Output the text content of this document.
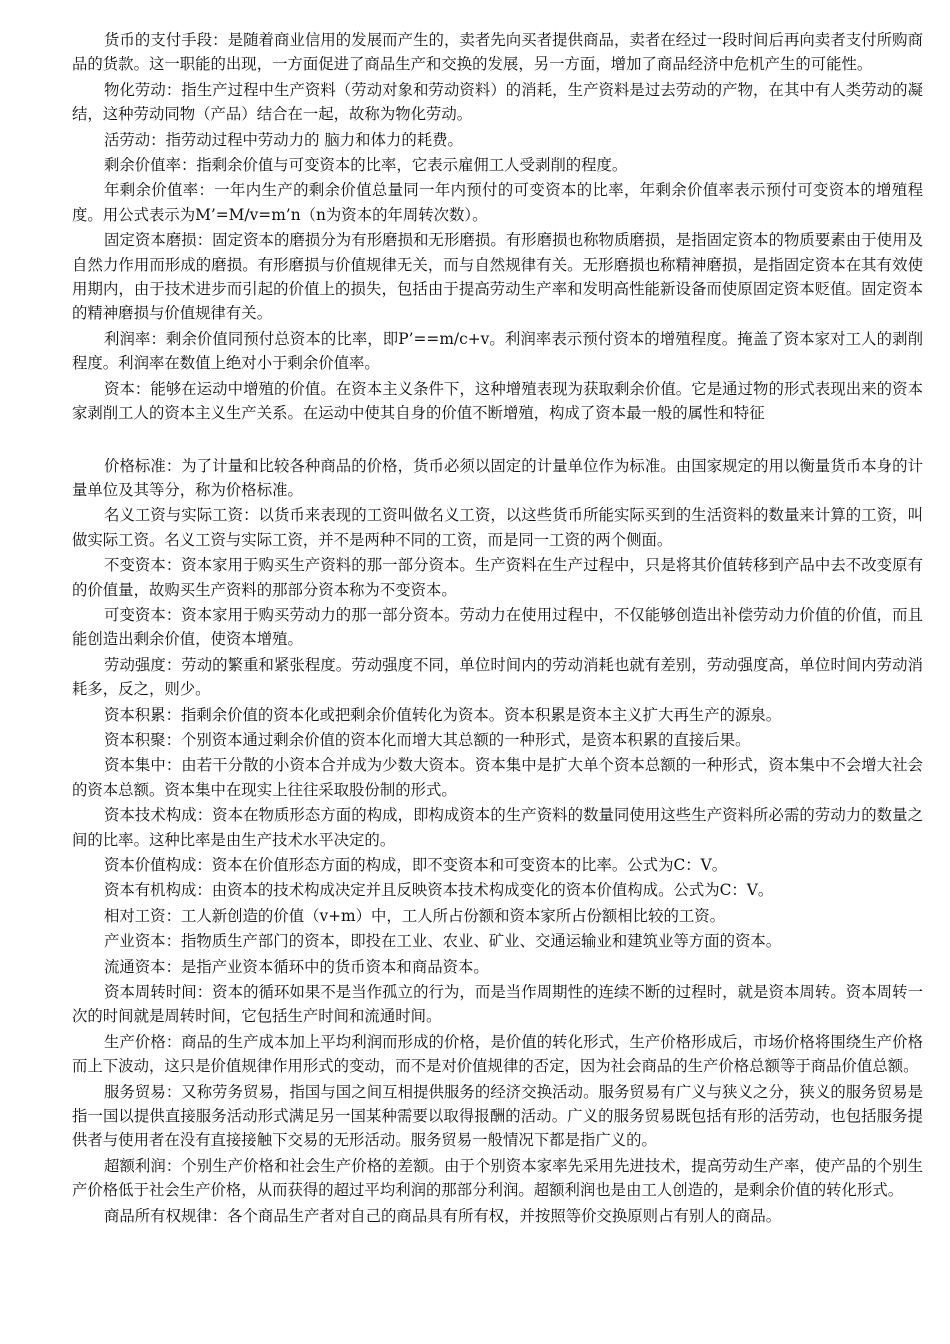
货币的支付手段：是随着商业信用的发展而产生的，卖者先向买者提供商品，卖者在经过一段时间后再向卖者支付所购商品的货款。这一职能的出现，一方面促进了商品生产和交换的发展，另一方面，增加了商品经济中危机产生的可能性。

物化劳动：指生产过程中生产资料（劳动对象和劳动资料）的消耗，生产资料是过去劳动的产物，在其中有人类劳动的凝结，这种劳动同物（产品）结合在一起，故称为物化劳动。

活劳动：指劳动过程中劳动力的 脑力和体力的耗费。

剩余价值率：指剩余价值与可变资本的比率，它表示雇佣工人受剥削的程度。

年剩余价值率：一年内生产的剩余价值总量同一年内预付的可变资本的比率，年剩余价值率表示预付可变资本的增殖程度。用公式表示为M’=M/v=m’n（n为资本的年周转次数）。

固定资本磨损：固定资本的磨损分为有形磨损和无形磨损。有形磨损也称物质磨损，是指固定资本的物质要素由于使用及自然力作用而形成的磨损。有形磨损与价值规律无关，而与自然规律有关。无形磨损也称精神磨损，是指固定资本在其有效使用期内，由于技术进步而引起的价值上的损失，包括由于提高劳动生产率和发明高性能新设备而使原固定资本贬值。固定资本的精神磨损与价值规律有关。

利润率：剩余价值同预付总资本的比率，即P’==m/c+v。利润率表示预付资本的增殖程度。掩盖了资本家对工人的剥削程度。利润率在数值上绝对小于剩余价值率。

资本：能够在运动中增殖的价值。在资本主义条件下，这种增殖表现为获取剩余价值。它是通过物的形式表现出来的资本家剥削工人的资本主义生产关系。在运动中使其自身的价值不断增殖，构成了资本最一般的属性和特征

价格标准：为了计量和比较各种商品的价格，货币必须以固定的计量单位作为标准。由国家规定的用以衡量货币本身的计量单位及其等分，称为价格标准。

名义工资与实际工资：以货币来表现的工资叫做名义工资，以这些货币所能实际买到的生活资料的数量来计算的工资，叫做实际工资。名义工资与实际工资，并不是两种不同的工资，而是同一工资的两个侧面。

不变资本：资本家用于购买生产资料的那一部分资本。生产资料在生产过程中，只是将其价值转移到产品中去不改变原有的价值量，故购买生产资料的那部分资本称为不变资本。

可变资本：资本家用于购买劳动力的那一部分资本。劳动力在使用过程中，不仅能够创造出补偿劳动力价值的价值，而且能创造出剩余价值，使资本增殖。

劳动强度：劳动的繁重和紧张程度。劳动强度不同，单位时间内的劳动消耗也就有差别，劳动强度高，单位时间内劳动消耗多，反之，则少。

资本积累：指剩余价值的资本化或把剩余价值转化为资本。资本积累是资本主义扩大再生产的源泉。

资本积聚：个别资本通过剩余价值的资本化而增大其总额的一种形式，是资本积累的直接后果。

资本集中：由若干分散的小资本合并成为少数大资本。资本集中是扩大单个资本总额的一种形式，资本集中不会增大社会的资本总额。资本集中在现实上往往采取股份制的形式。

资本技术构成：资本在物质形态方面的构成，即构成资本的生产资料的数量同使用这些生产资料所必需的劳动力的数量之间的比率。这种比率是由生产技术水平决定的。

资本价值构成：资本在价值形态方面的构成，即不变资本和可变资本的比率。公式为C：V。

资本有机构成：由资本的技术构成决定并且反映资本技术构成变化的资本价值构成。公式为C：V。

相对工资：工人新创造的价值（v+m）中，工人所占份额和资本家所占份额相比较的工资。

产业资本：指物质生产部门的资本，即投在工业、农业、矿业、交通运输业和建筑业等方面的资本。

流通资本：是指产业资本循环中的货币资本和商品资本。

资本周转时间：资本的循环如果不是当作孤立的行为，而是当作周期性的连续不断的过程时，就是资本周转。资本周转一次的时间就是周转时间，它包括生产时间和流通时间。

生产价格：商品的生产成本加上平均利润而形成的价格，是价值的转化形式，生产价格形成后，市场价格将围绕生产价格而上下波动，这只是价值规律作用形式的变动，而不是对价值规律的否定，因为社会商品的生产价格总额等于商品价值总额。

服务贸易：又称劳务贸易，指国与国之间互相提供服务的经济交换活动。服务贸易有广义与狭义之分，狭义的服务贸易是指一国以提供直接服务活动形式满足另一国某种需要以取得报酬的活动。广义的服务贸易既包括有形的活劳动，也包括服务提供者与使用者在没有直接接触下交易的无形活动。服务贸易一般情况下都是指广义的。

超额利润：个别生产价格和社会生产价格的差额。由于个别资本家率先采用先进技术，提高劳动生产率，使产品的个别生产价格低于社会生产价格，从而获得的超过平均利润的那部分利润。超额利润也是由工人创造的，是剩余价值的转化形式。

商品所有权规律：各个商品生产者对自己的商品具有所有权，并按照等价交换原则占有别人的商品。
